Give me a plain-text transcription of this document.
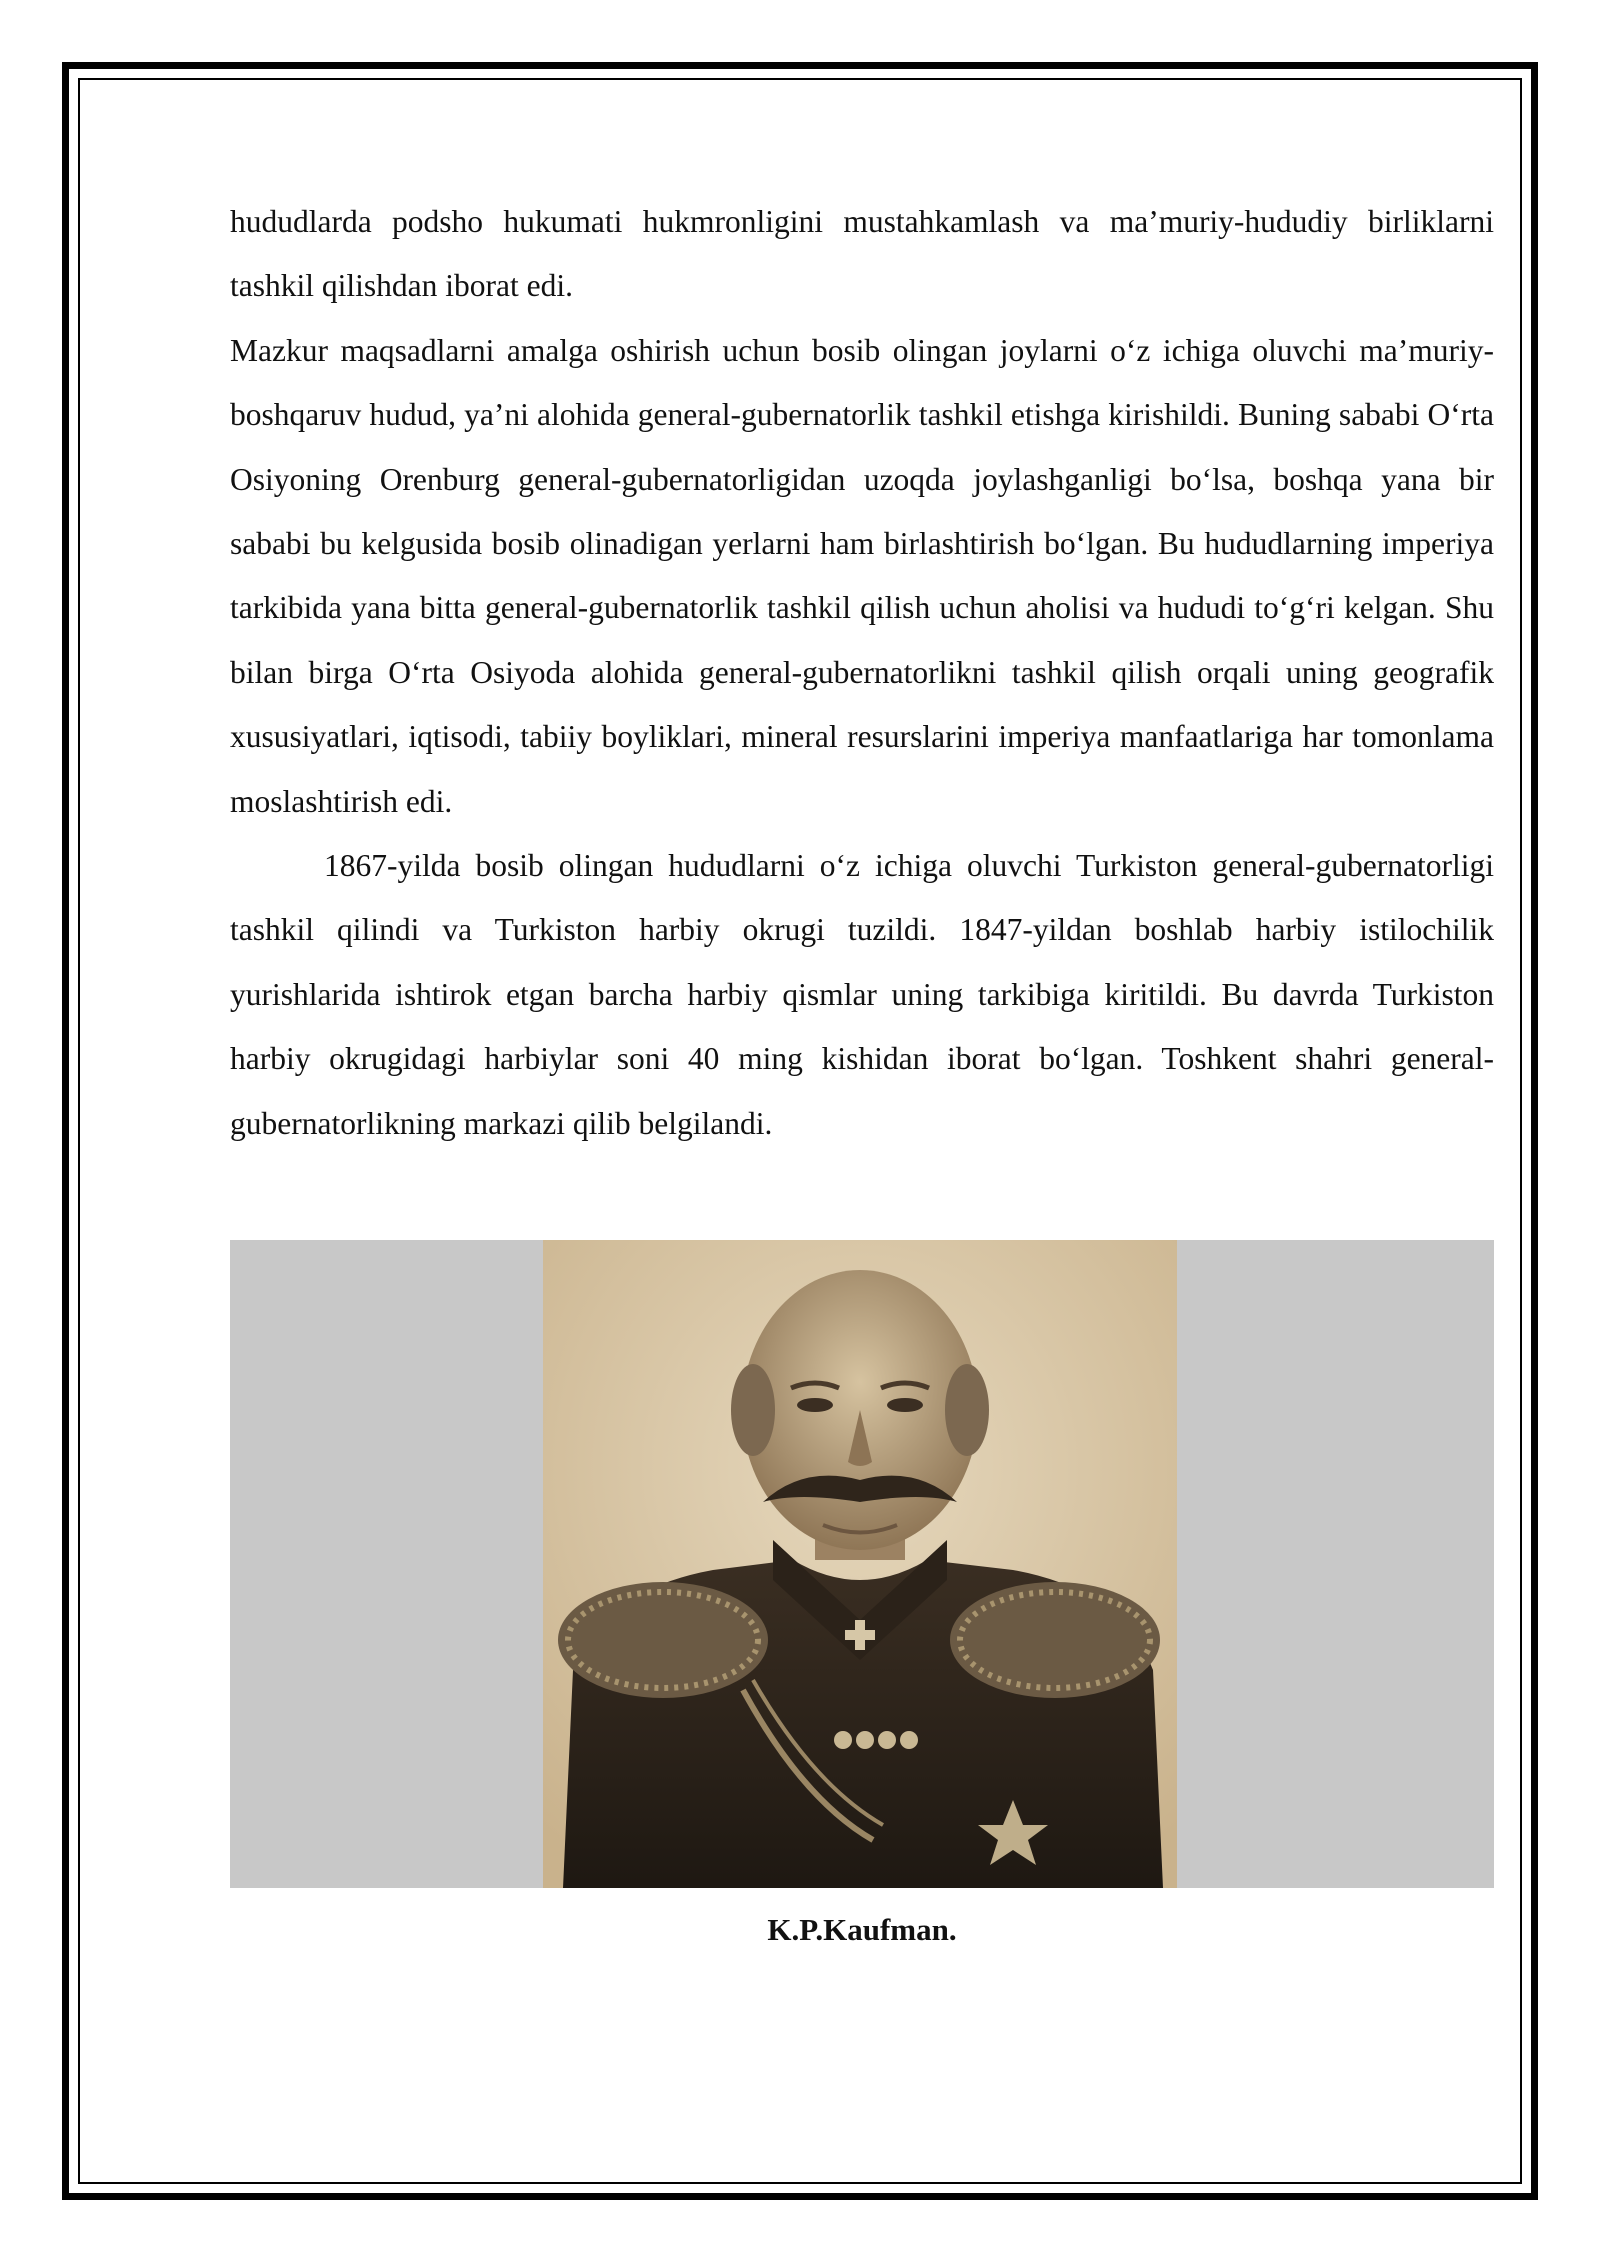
hududlarda podsho hukumati hukmronligini mustahkamlash va ma’muriy-hududiy birliklarni tashkil qilishdan iborat edi.

Mazkur maqsadlarni amalga oshirish uchun bosib olingan joylarni o‘z ichiga oluvchi ma’muriy-boshqaruv hudud, ya’ni alohida general-gubernatorlik tashkil etishga kirishildi. Buning sababi O‘rta Osiyoning Orenburg general-gubernatorligidan uzoqda joylashganligi bo‘lsa, boshqa yana bir sababi bu kelgusida bosib olinadigan yerlarni ham birlashtirish bo‘lgan. Bu hududlarning imperiya tarkibida yana bitta general-gubernatorlik tashkil qilish uchun aholisi va hududi to‘g‘ri kelgan. Shu bilan birga O‘rta Osiyoda alohida general-gubernatorlikni tashkil qilish orqali uning geografik xususiyatlari, iqtisodi, tabiiy boyliklari, mineral resurslarini imperiya manfaatlariga har tomonlama moslashtirish edi.

1867-yilda bosib olingan hududlarni o‘z ichiga oluvchi Turkiston general-gubernatorligi tashkil qilindi va Turkiston harbiy okrugi tuzildi. 1847-yildan boshlab harbiy istilochilik yurishlarida ishtirok etgan barcha harbiy qismlar uning tarkibiga kiritildi. Bu davrda Turkiston harbiy okrugidagi harbiylar soni 40 ming kishidan iborat bo‘lgan. Toshkent shahri general-gubernatorlikning markazi qilib belgilandi.

K.P.Kaufman.
